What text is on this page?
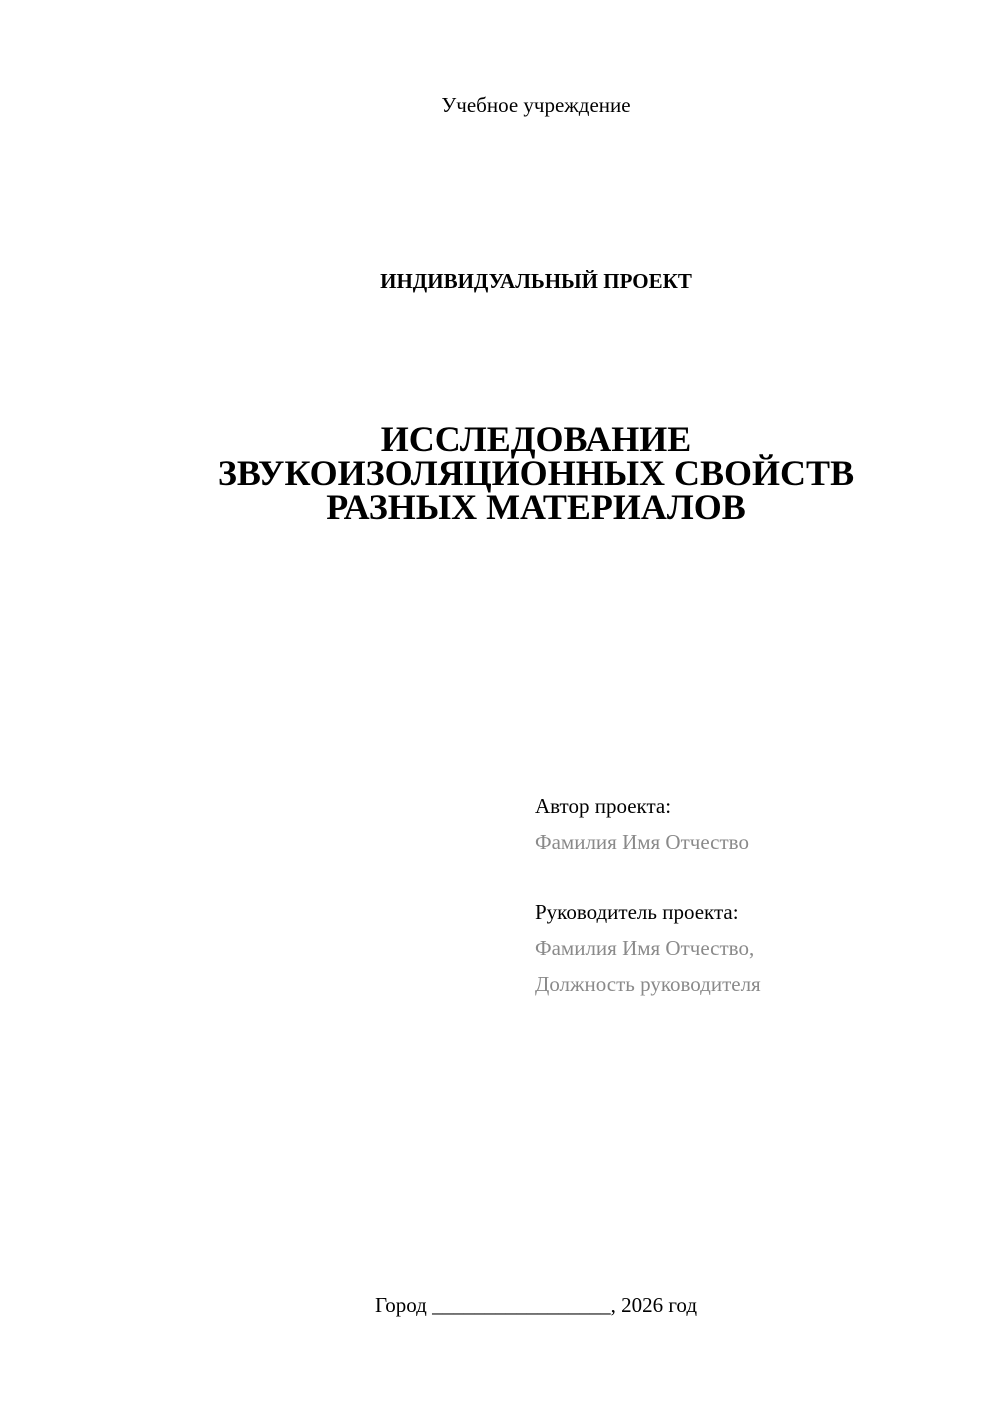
Учебное учреждение
ИНДИВИДУАЛЬНЫЙ ПРОЕКТ
ИССЛЕДОВАНИЕ
ЗВУКОИЗОЛЯЦИОННЫХ СВОЙСТВ
РАЗНЫХ МАТЕРИАЛОВ
Автор проекта:
Фамилия Имя Отчество
Руководитель проекта:
Фамилия Имя Отчество,
Должность руководителя
Город _________________, 2026 год
